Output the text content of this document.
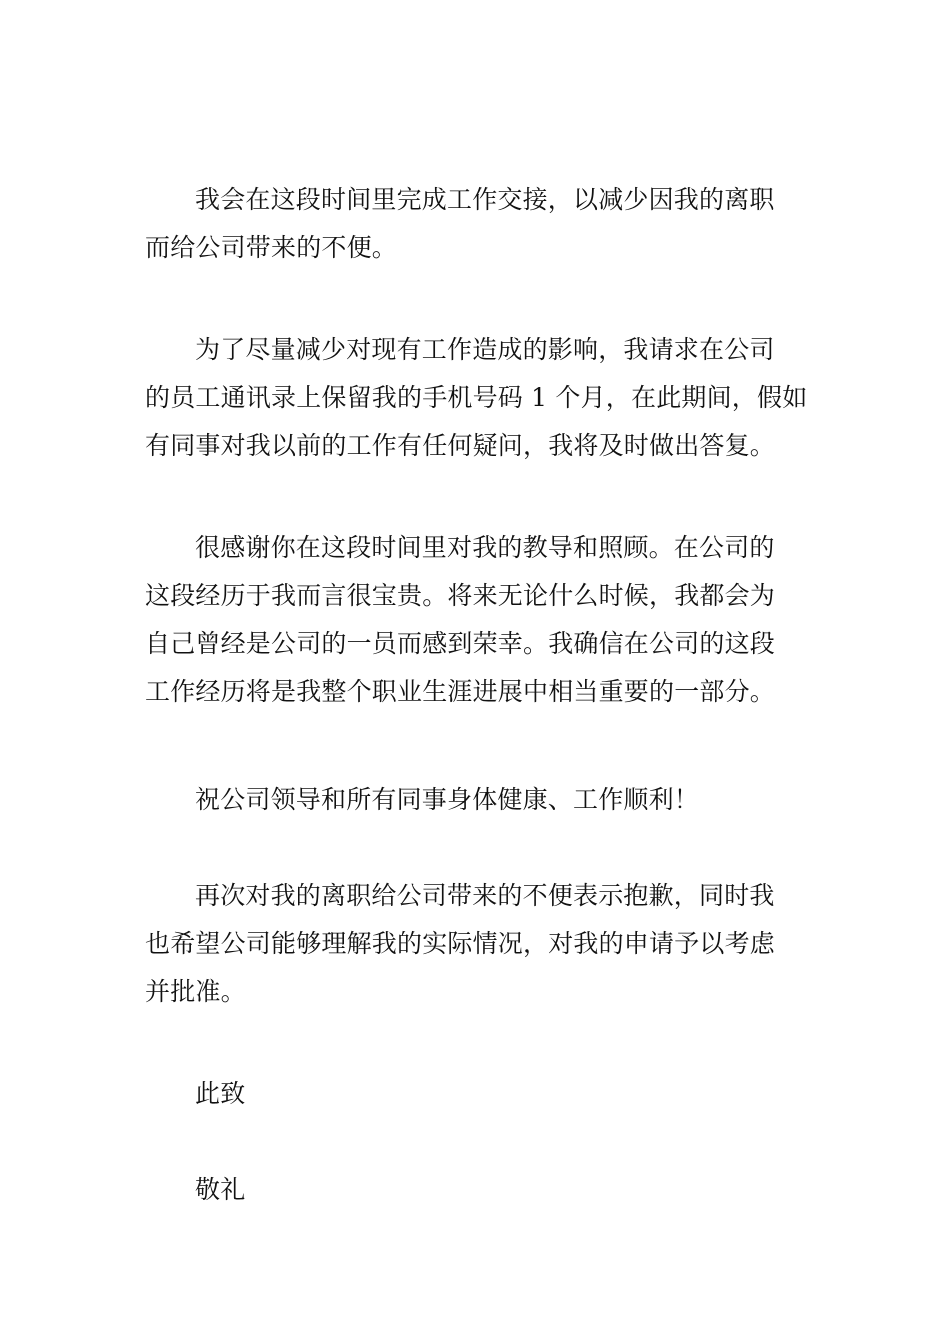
我会在这段时间里完成工作交接，以减少因我的离职
而给公司带来的不便。
为了尽量减少对现有工作造成的影响，我请求在公司
的员工通讯录上保留我的手机号码 1 个月，在此期间，假如
有同事对我以前的工作有任何疑问，我将及时做出答复。
很感谢你在这段时间里对我的教导和照顾。在公司的
这段经历于我而言很宝贵。将来无论什么时候，我都会为
自己曾经是公司的一员而感到荣幸。我确信在公司的这段
工作经历将是我整个职业生涯进展中相当重要的一部分。
祝公司领导和所有同事身体健康、工作顺利！
再次对我的离职给公司带来的不便表示抱歉，同时我
也希望公司能够理解我的实际情况，对我的申请予以考虑
并批准。
此致
敬礼
